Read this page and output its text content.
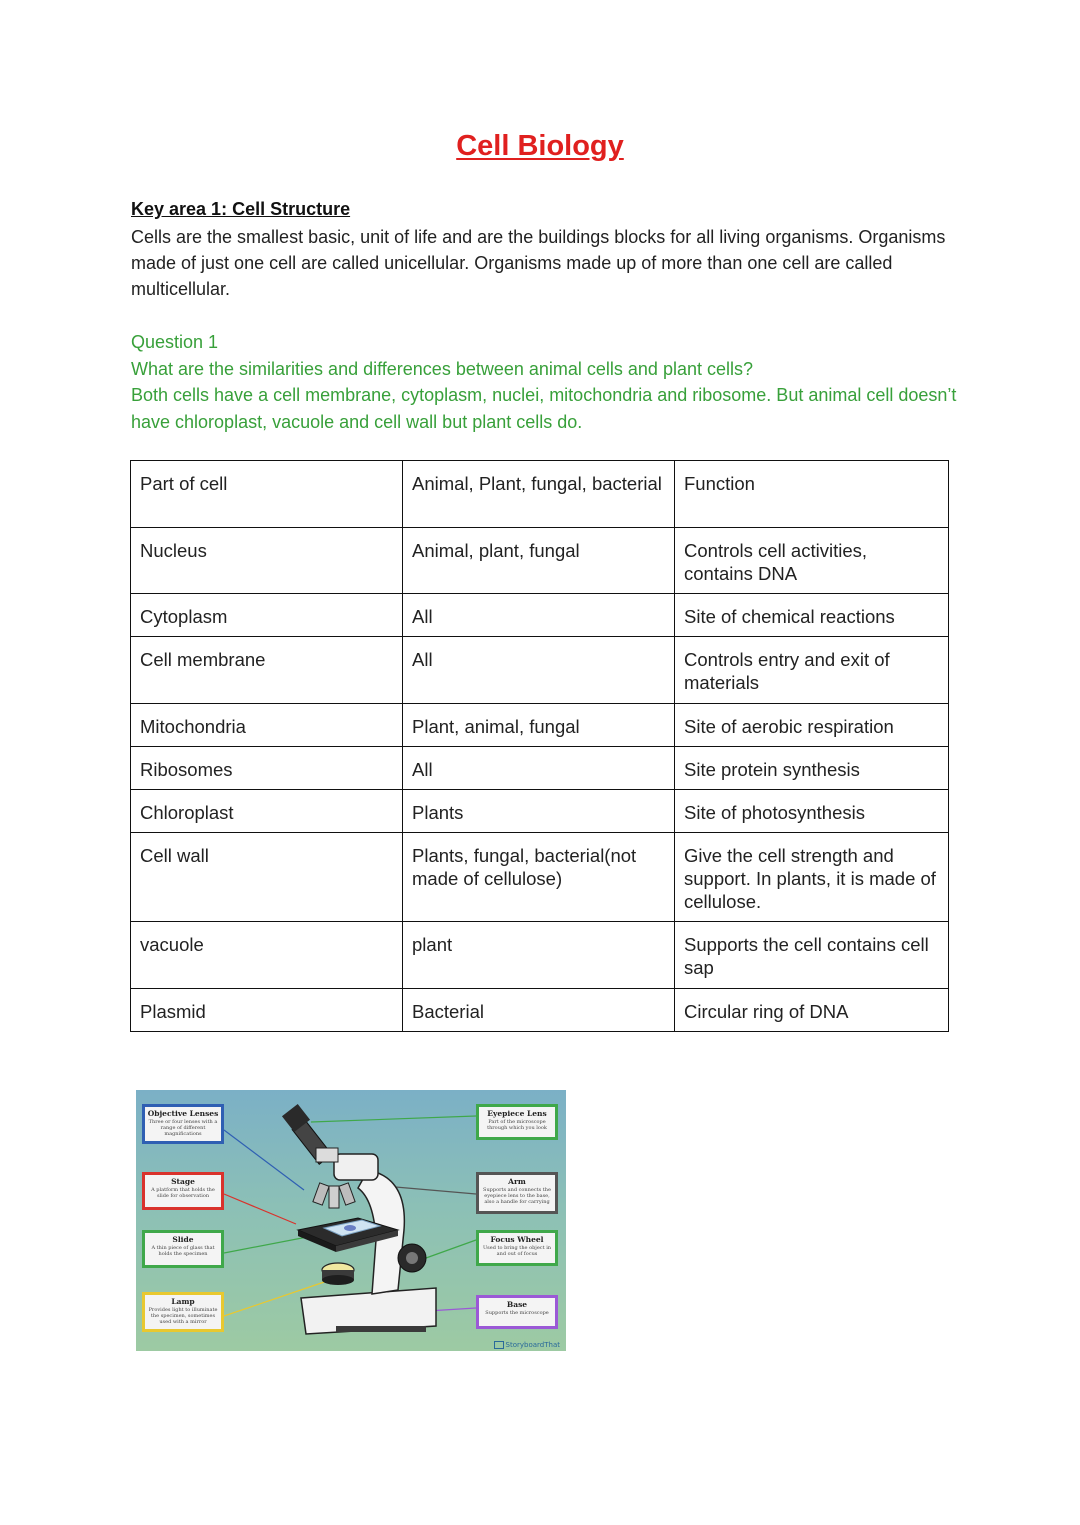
Cell Biology
Key area 1: Cell Structure

Cells are the smallest basic, unit of life and are the buildings blocks for all living organisms. Organisms made of just one cell are called unicellular. Organisms made up of more than one cell are called multicellular.

Question 1

What are the similarities and differences between animal cells and plant cells?

Both cells have a cell membrane, cytoplasm, nuclei, mitochondria and ribosome. But animal cell doesn’t have chloroplast, vacuole and cell wall but plant cells do.

Part of cell	Animal, Plant, fungal, bacterial	Function
Nucleus	Animal, plant, fungal	Controls cell activities, contains DNA
Cytoplasm	All	Site of chemical reactions
Cell membrane	All	Controls entry and exit of materials
Mitochondria	Plant, animal, fungal	Site of aerobic respiration
Ribosomes	All	Site protein synthesis
Chloroplast	Plants	Site of photosynthesis
Cell wall	Plants, fungal, bacterial(not made of cellulose)	Give the cell strength and support. In plants, it is made of cellulose.
vacuole	plant	Supports the cell contains cell sap
Plasmid	Bacterial	Circular ring of DNA
Objective Lenses
Three or four lenses with a range of different magnifications
Stage
A platform that holds the slide for observation
Slide
A thin piece of glass that holds the specimen
Lamp
Provides light to illuminate the specimen, sometimes used with a mirror
Eyepiece Lens
Part of the microscope through which you look
Arm
Supports and connects the eyepiece lens to the base, also a handle for carrying
Focus Wheel
Used to bring the object in and out of focus
Base
Supports the microscope
StoryboardThat
